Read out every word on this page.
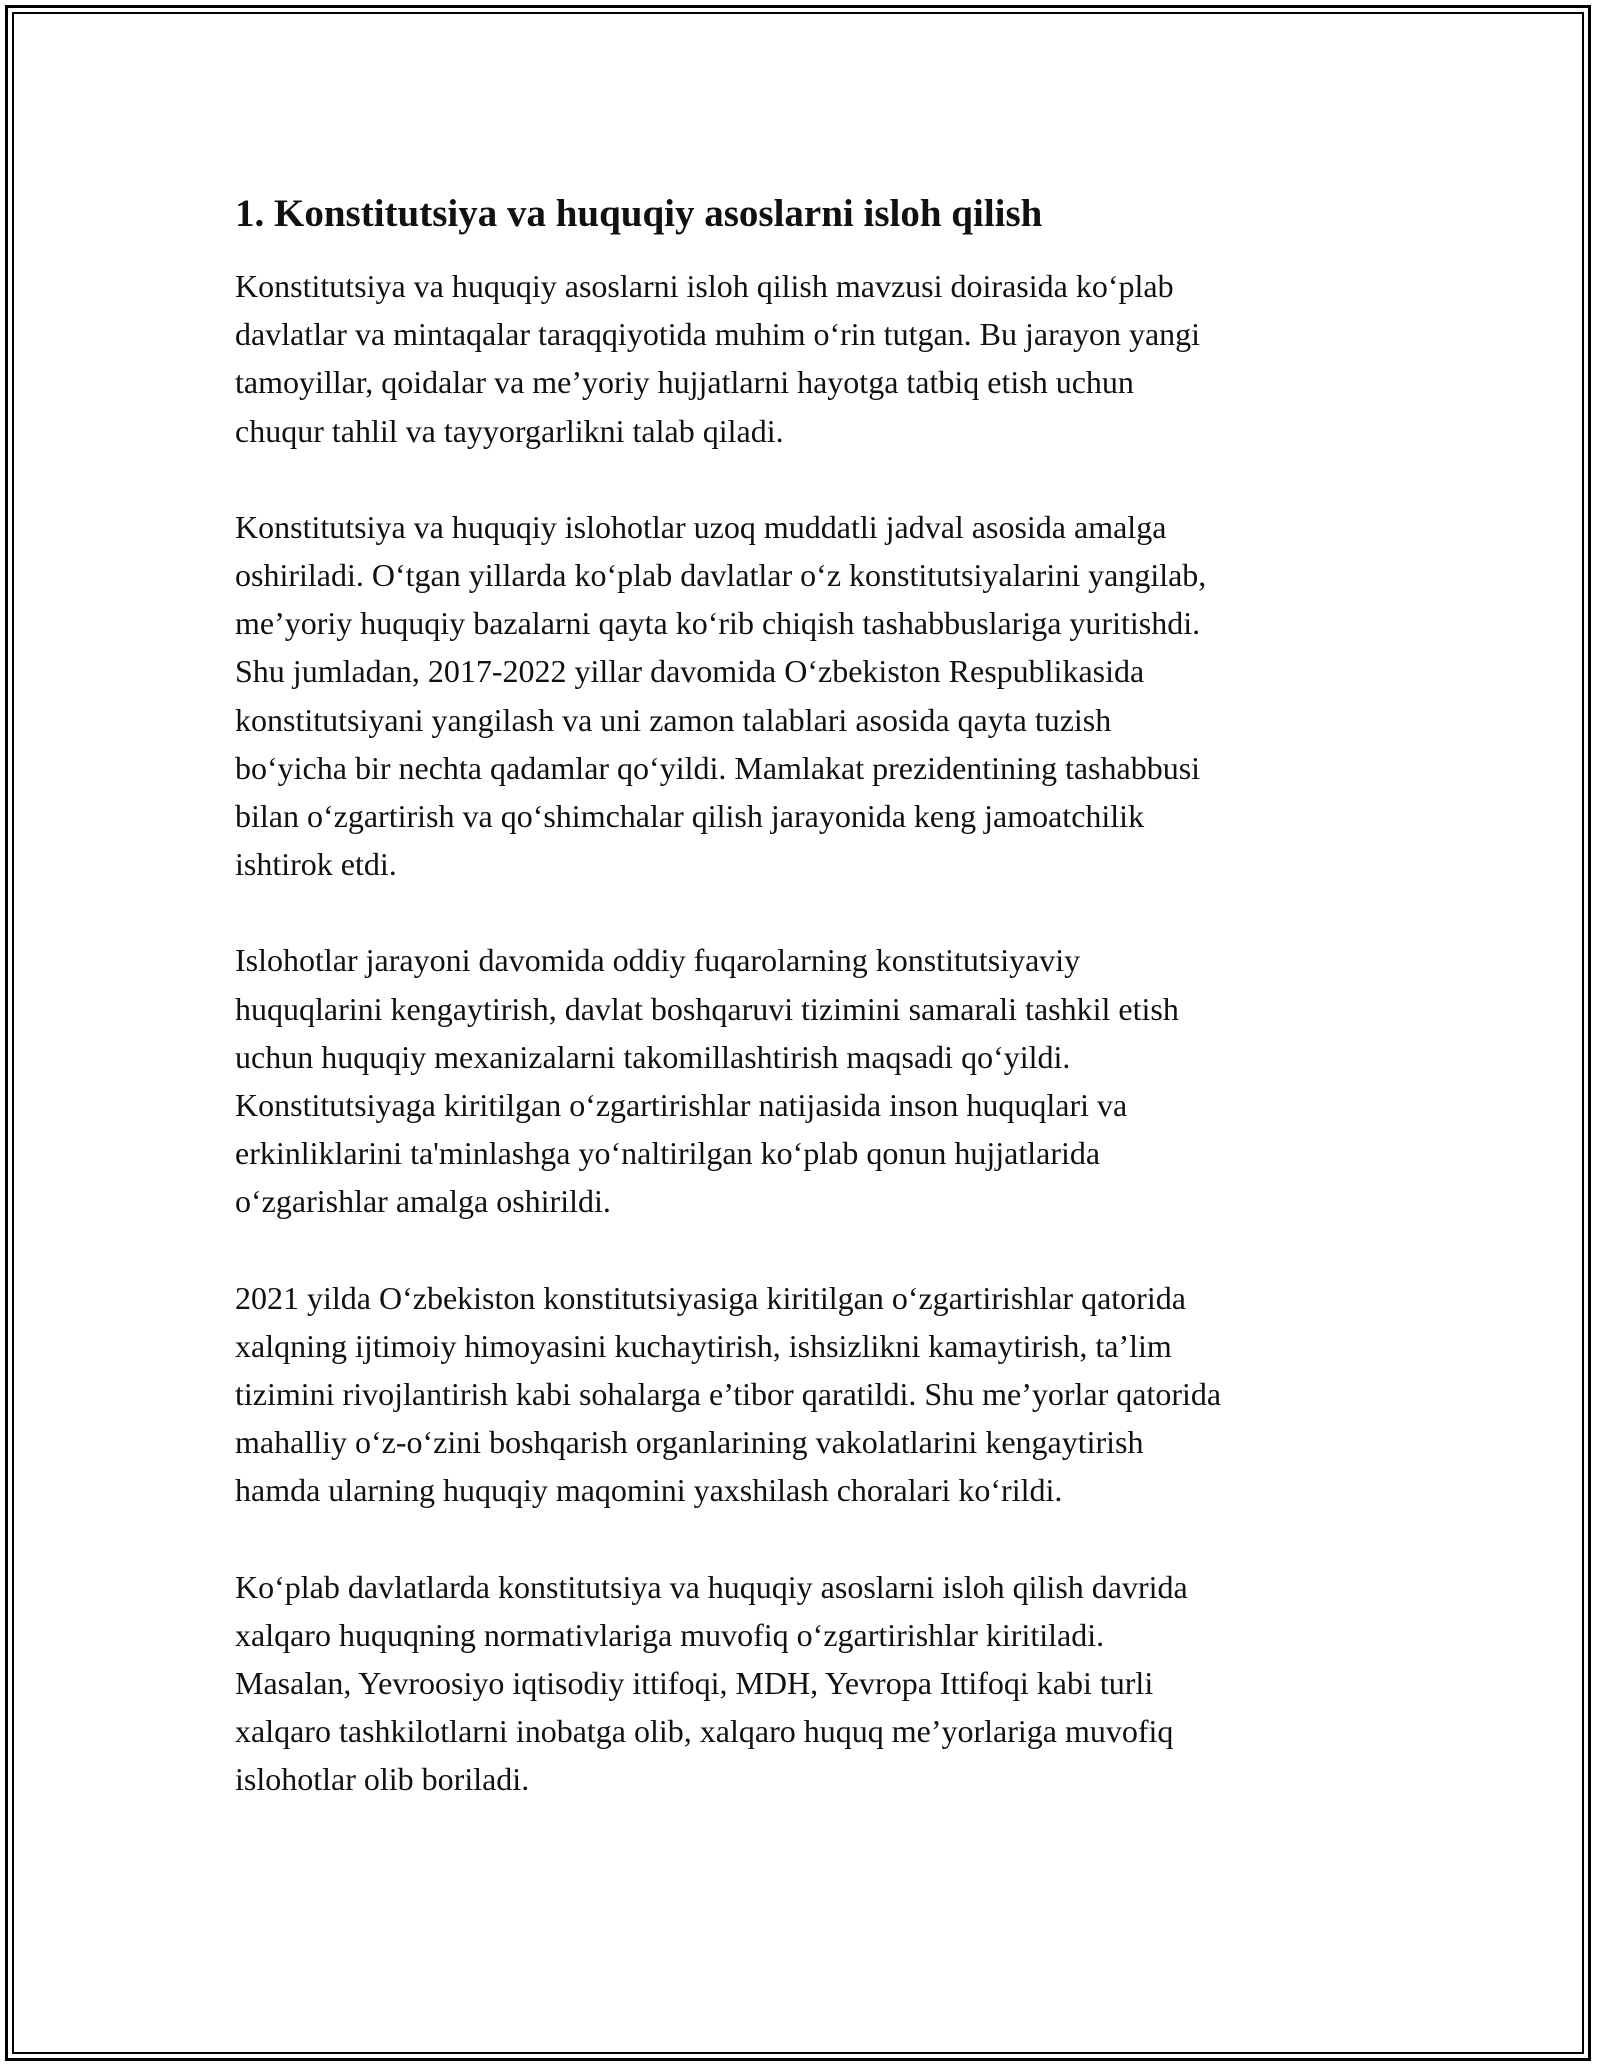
1. Konstitutsiya va huquqiy asoslarni isloh qilish

Konstitutsiya va huquqiy asoslarni isloh qilish mavzusi doirasida koʻplab
davlatlar va mintaqalar taraqqiyotida muhim oʻrin tutgan. Bu jarayon yangi
tamoyillar, qoidalar va me’yoriy hujjatlarni hayotga tatbiq etish uchun
chuqur tahlil va tayyorgarlikni talab qiladi.

Konstitutsiya va huquqiy islohotlar uzoq muddatli jadval asosida amalga
oshiriladi. Oʻtgan yillarda koʻplab davlatlar oʻz konstitutsiyalarini yangilab,
me’yoriy huquqiy bazalarni qayta koʻrib chiqish tashabbuslariga yuritishdi.
Shu jumladan, 2017-2022 yillar davomida Oʻzbekiston Respublikasida
konstitutsiyani yangilash va uni zamon talablari asosida qayta tuzish
boʻyicha bir nechta qadamlar qoʻyildi. Mamlakat prezidentining tashabbusi
bilan oʻzgartirish va qoʻshimchalar qilish jarayonida keng jamoatchilik
ishtirok etdi.

Islohotlar jarayoni davomida oddiy fuqarolarning konstitutsiyaviy
huquqlarini kengaytirish, davlat boshqaruvi tizimini samarali tashkil etish
uchun huquqiy mexanizalarni takomillashtirish maqsadi qoʻyildi.
Konstitutsiyaga kiritilgan oʻzgartirishlar natijasida inson huquqlari va
erkinliklarini ta'minlashga yoʻnaltirilgan koʻplab qonun hujjatlarida
oʻzgarishlar amalga oshirildi.

2021 yilda Oʻzbekiston konstitutsiyasiga kiritilgan oʻzgartirishlar qatorida
xalqning ijtimoiy himoyasini kuchaytirish, ishsizlikni kamaytirish, ta’lim
tizimini rivojlantirish kabi sohalarga e’tibor qaratildi. Shu me’yorlar qatorida
mahalliy oʻz-oʻzini boshqarish organlarining vakolatlarini kengaytirish
hamda ularning huquqiy maqomini yaxshilash choralari koʻrildi.

Koʻplab davlatlarda konstitutsiya va huquqiy asoslarni isloh qilish davrida
xalqaro huquqning normativlariga muvofiq oʻzgartirishlar kiritiladi.
Masalan, Yevroosiyo iqtisodiy ittifoqi, MDH, Yevropa Ittifoqi kabi turli
xalqaro tashkilotlarni inobatga olib, xalqaro huquq me’yorlariga muvofiq
islohotlar olib boriladi.
